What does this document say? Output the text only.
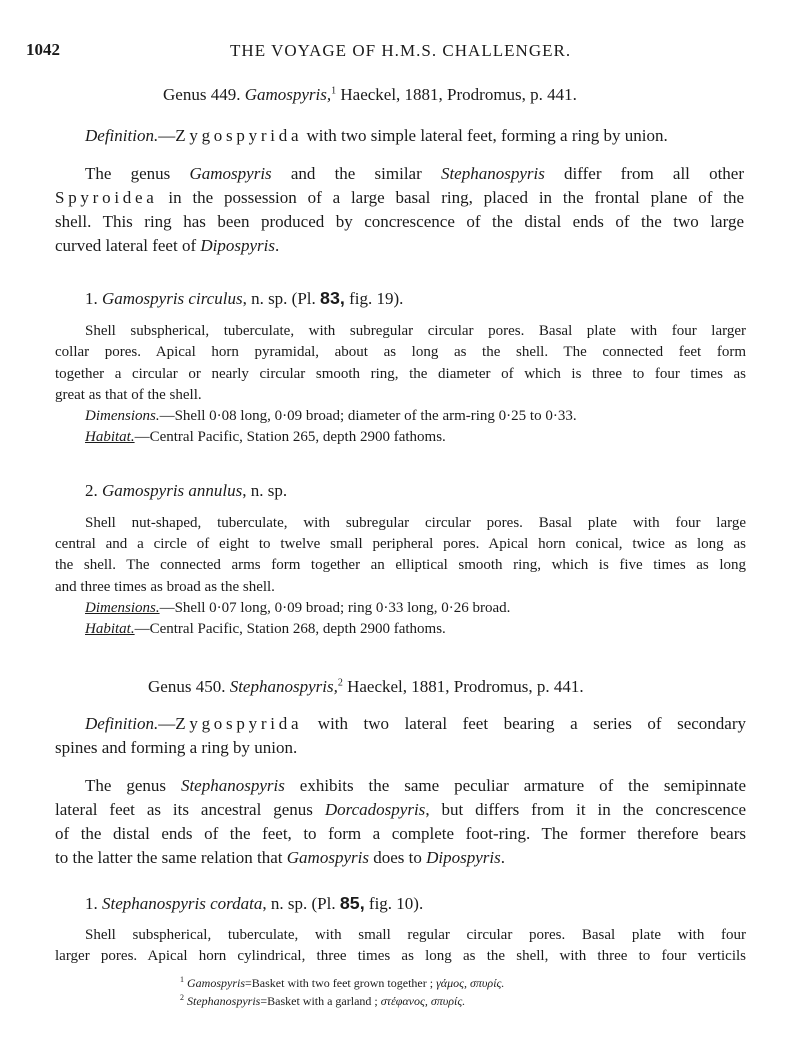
1042	THE VOYAGE OF H.M.S. CHALLENGER.
Genus 449. Gamospyris,$^1$ Haeckel, 1881, Prodromus, p. 441.
Definition.—Zygospyrida with two simple lateral feet, forming a ring by union.
The genus Gamospyris and the similar Stephanospyris differ from all other
Spyroidea in the possession of a large basal ring, placed in the frontal plane of the
shell. This ring has been produced by concrescence of the distal ends of the two large
curved lateral feet of Dipospyris.
1. Gamospyris circulus, n. sp. (Pl. 83, fig. 19).
Shell subspherical, tuberculate, with subregular circular pores. Basal plate with four larger
collar pores. Apical horn pyramidal, about as long as the shell. The connected feet form
together a circular or nearly circular smooth ring, the diameter of which is three to four times as
great as that of the shell.
Dimensions.—Shell 0·08 long, 0·09 broad; diameter of the arm-ring 0·25 to 0·33.
Habitat.—Central Pacific, Station 265, depth 2900 fathoms.
2. Gamospyris annulus, n. sp.
Shell nut-shaped, tuberculate, with subregular circular pores. Basal plate with four large
central and a circle of eight to twelve small peripheral pores. Apical horn conical, twice as long as
the shell. The connected arms form together an elliptical smooth ring, which is five times as long
and three times as broad as the shell.
Dimensions.—Shell 0·07 long, 0·09 broad; ring 0·33 long, 0·26 broad.
Habitat.—Central Pacific, Station 268, depth 2900 fathoms.
Genus 450. Stephanospyris,$^2$ Haeckel, 1881, Prodromus, p. 441.
Definition.—Zygospyrida with two lateral feet bearing a series of secondary
spines and forming a ring by union.
The genus Stephanospyris exhibits the same peculiar armature of the semipinnate
lateral feet as its ancestral genus Dorcadospyris, but differs from it in the concrescence
of the distal ends of the feet, to form a complete foot-ring. The former therefore bears
to the latter the same relation that Gamospyris does to Dipospyris.
1. Stephanospyris cordata, n. sp. (Pl. 85, fig. 10).
Shell subspherical, tuberculate, with small regular circular pores. Basal plate with four
larger pores. Apical horn cylindrical, three times as long as the shell, with three to four verticils
$^1$ Gamospyris=Basket with two feet grown together ; γάμος, σπυρίς.
$^2$ Stephanospyris=Basket with a garland ; στέφανος, σπυρίς.
